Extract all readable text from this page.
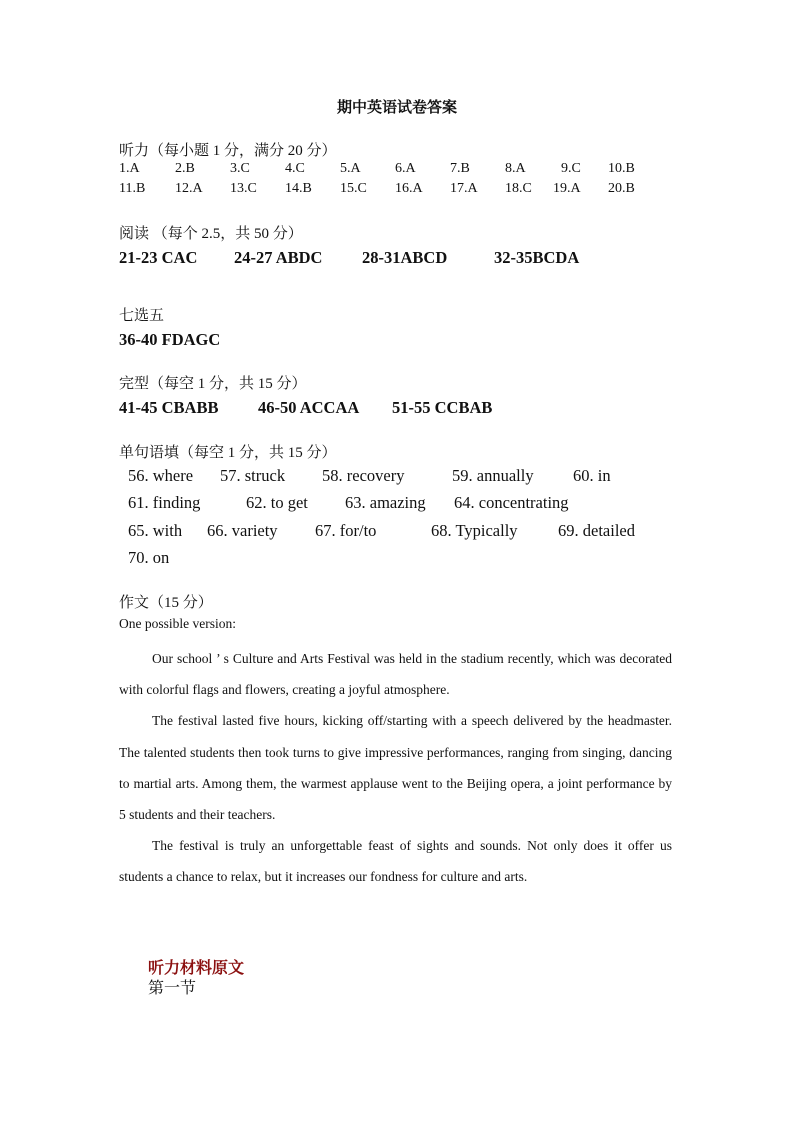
期中英语试卷答案
听力（每小题 1 分，满分 20 分）
1.A	2.B	3.C	4.C	5.A 6.A 7.B	8.A	9.C 10.B
11.B 12.A 13.C 14.B 15.C 16.A 17.A 18.C 19.A 20.B
阅读 （每个 2.5，共 50 分）
21-23 CAC 24-27 ABDC 28-31ABCD	32-35BCDA
七选五
36-40 FDAGC
完型（每空 1 分，共 15 分）
41-45 CBABB 46-50 ACCAA 51-55 CCBAB
单句语填（每空 1 分，共 15 分）
56. where 57. struck 58. recovery	59. annually 60. in
61. finding	62. to get 63. amazing 64. concentrating
65. with 66. variety 67. for/to	68. Typically 69. detailed
70. on
作文（15 分）
One possible version:

Our school ’ s Culture and Arts Festival was held in the stadium recently, which was decorated with colorful flags and flowers, creating a joyful atmosphere.

The festival lasted five hours, kicking off/starting with a speech delivered by the headmaster. The talented students then took turns to give impressive performances, ranging from singing, dancing to martial arts. Among them, the warmest applause went to the Beijing opera, a joint performance by 5 students and their teachers.

The festival is truly an unforgettable feast of sights and sounds. Not only does it offer us students a chance to relax, but it increases our fondness for culture and arts.

听力材料原文
第一节
